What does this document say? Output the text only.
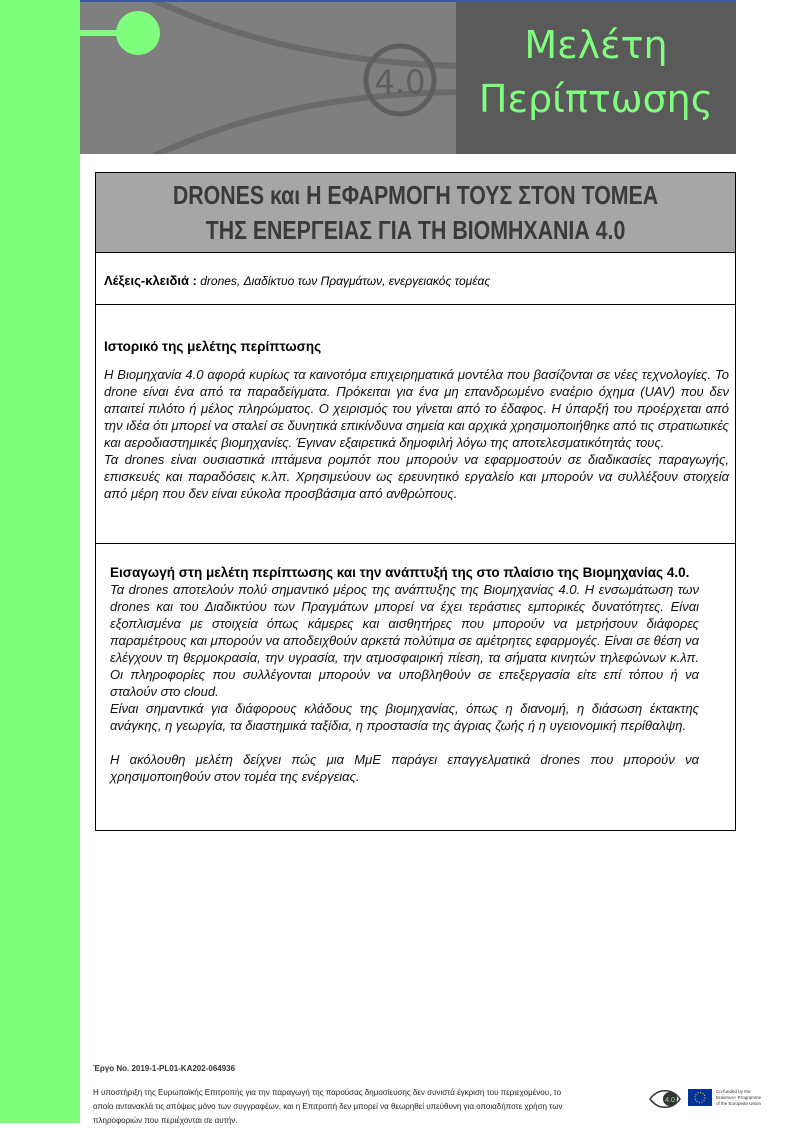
4.0
Μελέτη
Περίπτωσης
DRONES και Η ΕΦΑΡΜΟΓΗ ΤΟΥΣ ΣΤΟΝ ΤΟΜΕΑ ΤΗΣ ΕΝΕΡΓΕΙΑΣ ΓΙΑ ΤΗ ΒΙΟΜΗΧΑΝΙΑ 4.0
Λέξεις-κλειδιά : drones, Διαδίκτυο των Πραγμάτων, ενεργειακός τομέας
Ιστορικό της μελέτης περίπτωσης

Η Βιομηχανία 4.0 αφορά κυρίως τα καινοτόμα επιχειρηματικά μοντέλα που βασίζονται σε νέες τεχνολογίες. Το drone είναι ένα από τα παραδείγματα. Πρόκειται για ένα μη επανδρωμένο εναέριο όχημα (UAV) που δεν απαιτεί πιλότο ή μέλος πληρώματος. Ο χειρισμός του γίνεται από το έδαφος. Η ύπαρξή του προέρχεται από την ιδέα ότι μπορεί να σταλεί σε δυνητικά επικίνδυνα σημεία και αρχικά χρησιμοποιήθηκε από τις στρατιωτικές και αεροδιαστημικές βιομηχανίες. Έγιναν εξαιρετικά δημοφιλή λόγω της αποτελεσματικότητάς τους.

Τα drones είναι ουσιαστικά ιπτάμενα ρομπότ που μπορούν να εφαρμοστούν σε διαδικασίες παραγωγής, επισκευές και παραδόσεις κ.λπ. Χρησιμεύουν ως ερευνητικό εργαλείο και μπορούν να συλλέξουν στοιχεία από μέρη που δεν είναι εύκολα προσβάσιμα από ανθρώπους.

Εισαγωγή στη μελέτη περίπτωσης και την ανάπτυξή της στο πλαίσιο της Βιομηχανίας 4.0.

Τα drones αποτελούν πολύ σημαντικό μέρος της ανάπτυξης της Βιομηχανίας 4.0. Η ενσωμάτωση των drones και του Διαδικτύου των Πραγμάτων μπορεί να έχει τεράστιες εμπορικές δυνατότητες. Είναι εξοπλισμένα με στοιχεία όπως κάμερες και αισθητήρες που μπορούν να μετρήσουν διάφορες παραμέτρους και μπορούν να αποδειχθούν αρκετά πολύτιμα σε αμέτρητες εφαρμογές. Είναι σε θέση να ελέγχουν τη θερμοκρασία, την υγρασία, την ατμοσφαιρική πίεση, τα σήματα κινητών τηλεφώνων κ.λπ. Οι πληροφορίες που συλλέγονται μπορούν να υποβληθούν σε επεξεργασία είτε επί τόπου ή να σταλούν στο cloud.

Είναι σημαντικά για διάφορους κλάδους της βιομηχανίας, όπως η διανομή, η διάσωση έκτακτης ανάγκης, η γεωργία, τα διαστημικά ταξίδια, η προστασία της άγριας ζωής ή η υγειονομική περίθαλψη.

Η ακόλουθη μελέτη δείχνει πώς μια ΜμΕ παράγει επαγγελματικά drones που μπορούν να χρησιμοποιηθούν στον τομέα της ενέργειας.

Έργο Νο. 2019-1-PL01-KA202-064936
Η υποστήριξη της Ευρωπαϊκής Επιτροπής για την παραγωγή της παρούσας δημοσίευσης δεν συνιστά έγκριση του περιεχομένου, το οποίο αντανακλά τις απόψεις μόνο των συγγραφέων, και η Επιτροπή δεν μπορεί να θεωρηθεί υπεύθυνη για οποιαδήποτε χρήση των πληροφοριών που περιέχονται σε αυτήν.
4.0
Co-funded by the
Erasmus+ Programme
of the European Union
